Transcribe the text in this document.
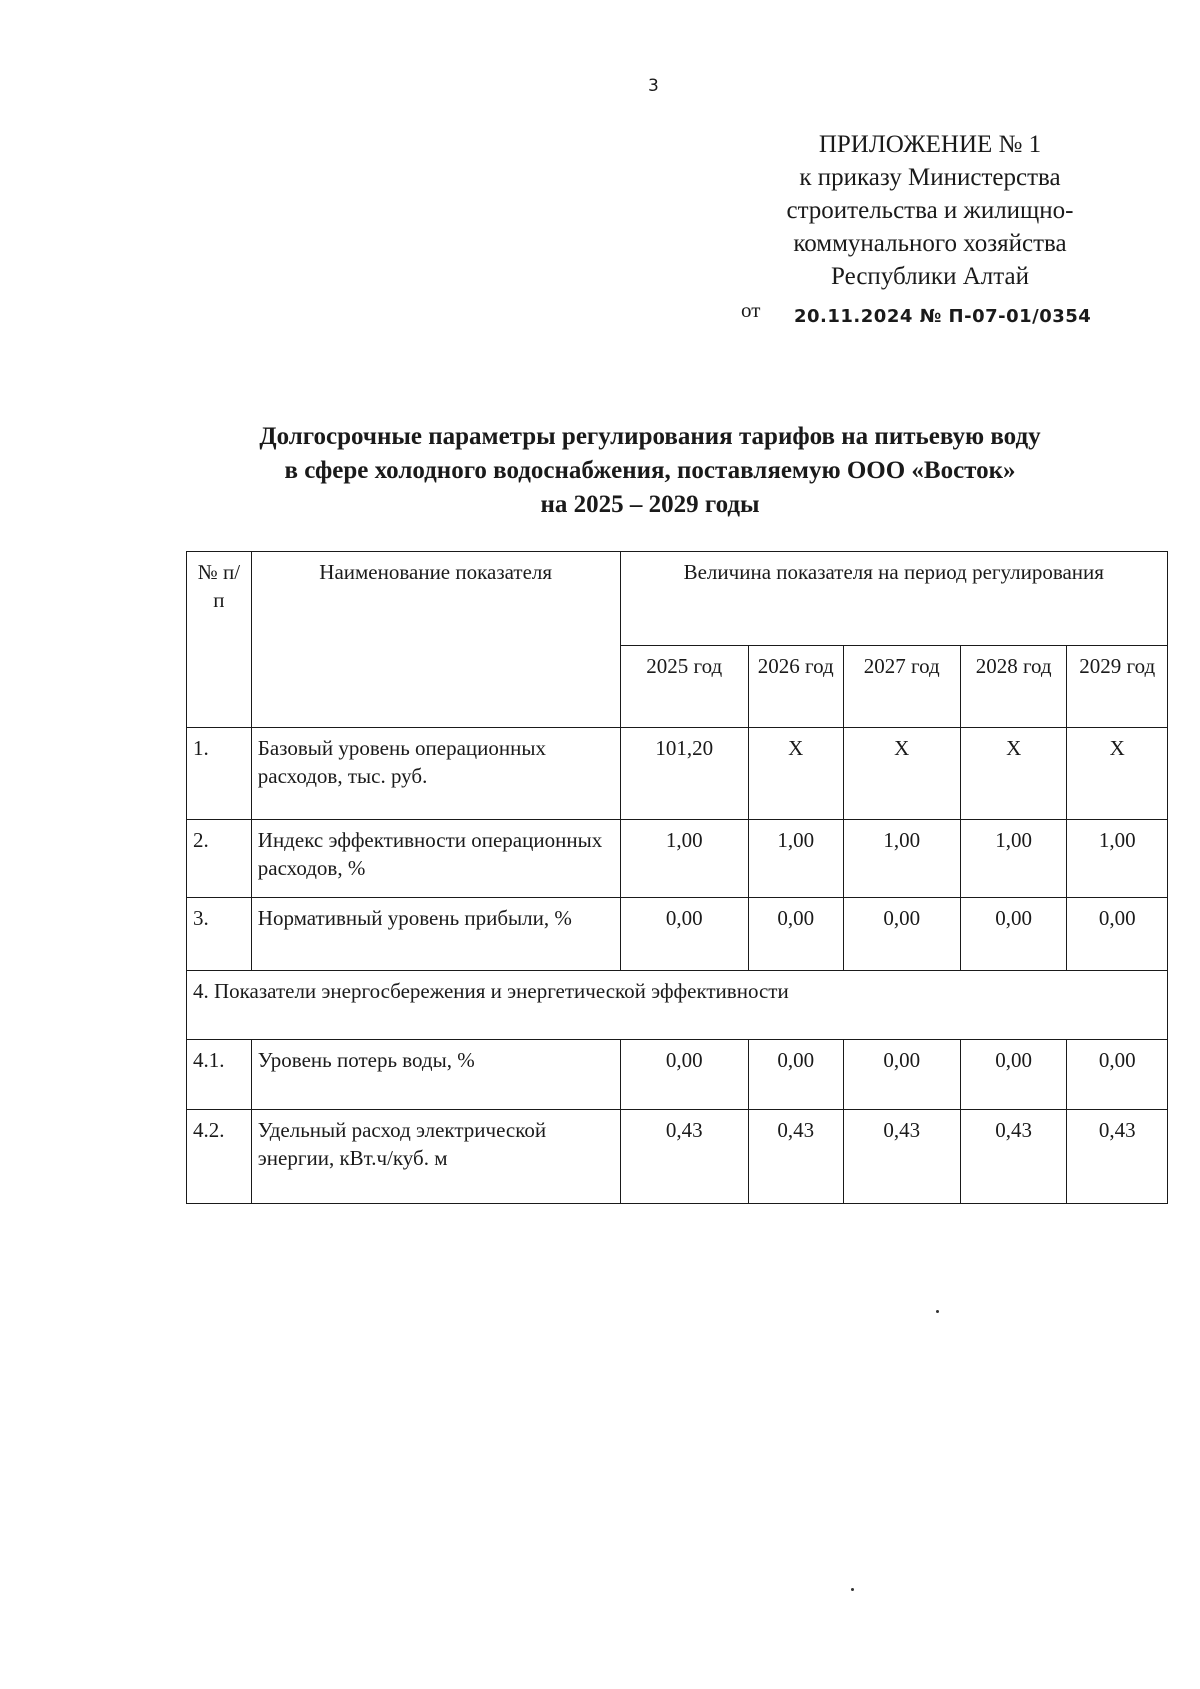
3
ПРИЛОЖЕНИЕ № 1
к приказу Министерства
строительства и жилищно-
коммунального хозяйства
Республики Алтай
от 20.11.2024 № П-07-01/0354
Долгосрочные параметры регулирования тарифов на питьевую воду
в сфере холодного водоснабжения, поставляемую ООО «Восток»
на 2025 – 2029 годы
№ п/п	Наименование показателя	Величина показателя на период регулирования				
		2025 год	2026 год	2027 год	2028 год	2029 год
1.	Базовый уровень операционных расходов, тыс. руб.	101,20	Х	Х	Х	Х
2.	Индекс эффективности операционных расходов, %	1,00	1,00	1,00	1,00	1,00
3.	Нормативный уровень прибыли, %	0,00	0,00	0,00	0,00	0,00
4. Показатели энергосбережения и энергетической эффективности						
4.1.	Уровень потерь воды, %	0,00	0,00	0,00	0,00	0,00
4.2.	Удельный расход электрической энергии, кВт.ч/куб. м	0,43	0,43	0,43	0,43	0,43
